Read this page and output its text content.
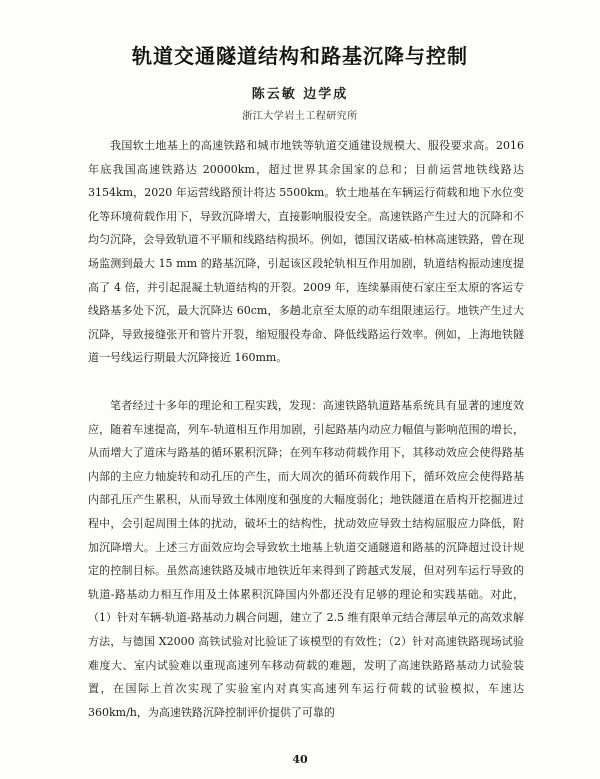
轨道交通隧道结构和路基沉降与控制
陈云敏 边学成
浙江大学岩土工程研究所

我国软土地基上的高速铁路和城市地铁等轨道交通建设规模大、服役要求高。2016 年底我国高速铁路达 20000km，超过世界其余国家的总和；目前运营地铁线路达 3154km，2020 年运营线路预计将达 5500km。软土地基在车辆运行荷载和地下水位变化等环境荷载作用下，导致沉降增大，直接影响服役安全。高速铁路产生过大的沉降和不均匀沉降，会导致轨道不平顺和线路结构损坏。例如，德国汉诺威-柏林高速铁路，曾在现场监测到最大 15 mm 的路基沉降，引起该区段轮轨相互作用加剧，轨道结构振动速度提高了 4 倍，并引起混凝土轨道结构的开裂。2009 年，连续暴雨使石家庄至太原的客运专线路基多处下沉，最大沉降达 60cm，多趟北京至太原的动车组限速运行。地铁产生过大沉降，导致接缝张开和管片开裂，缩短服役寿命、降低线路运行效率。例如，上海地铁隧道一号线运行期最大沉降接近 160mm。

笔者经过十多年的理论和工程实践，发现：高速铁路轨道路基系统具有显著的速度效应，随着车速提高，列车-轨道相互作用加剧，引起路基内动应力幅值与影响范围的增长，从而增大了道床与路基的循环累积沉降；在列车移动荷载作用下，其移动效应会使得路基内部的主应力轴旋转和动孔压的产生，而大周次的循环荷载作用下，循环效应会使得路基内部孔压产生累积，从而导致土体刚度和强度的大幅度弱化；地铁隧道在盾构开挖掘进过程中，会引起周围土体的扰动，破坏土的结构性，扰动效应导致土结构屈服应力降低，附加沉降增大。上述三方面效应均会导致软土地基上轨道交通隧道和路基的沉降超过设计规定的控制目标。虽然高速铁路及城市地铁近年来得到了跨越式发展，但对列车运行导致的轨道-路基动力相互作用及土体累积沉降国内外都还没有足够的理论和实践基础。对此，（1）针对车辆-轨道-路基动力耦合问题，建立了 2.5 维有限单元结合薄层单元的高效求解方法，与德国 X2000 高铁试验对比验证了该模型的有效性；（2）针对高速铁路现场试验难度大、室内试验难以重现高速列车移动荷载的难题，发明了高速铁路路基动力试验装置，在国际上首次实现了实验室内对真实高速列车运行荷载的试验模拟，车速达 360km/h，为高速铁路沉降控制评价提供了可靠的

40
